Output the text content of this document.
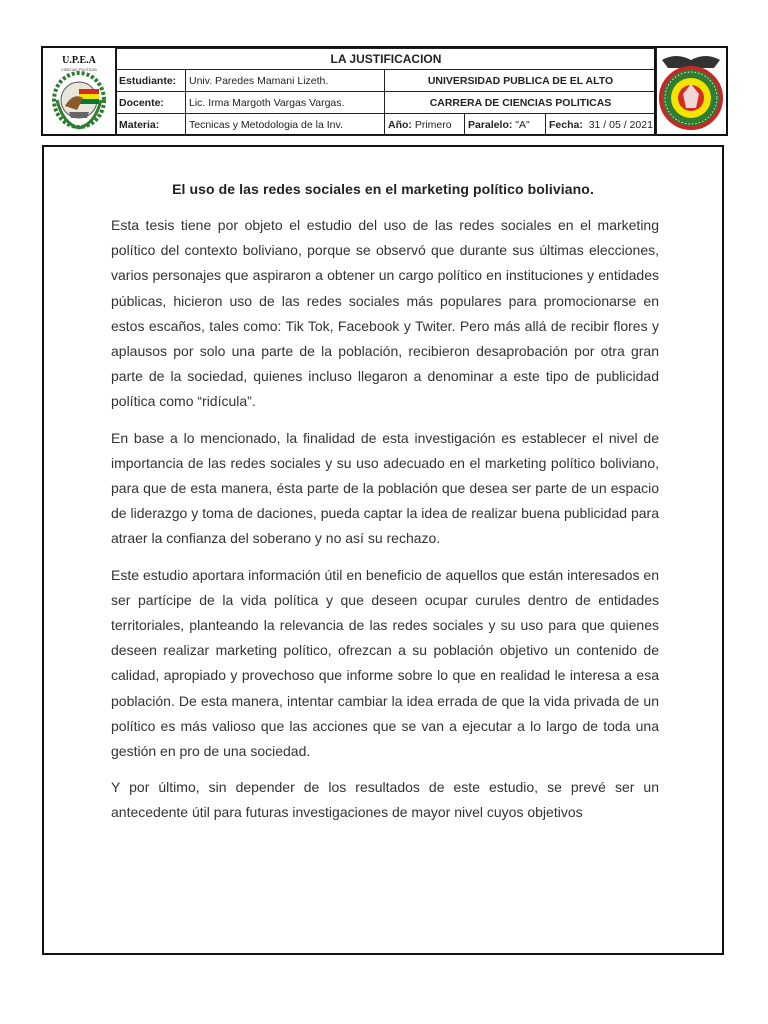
U.P.E.A
CIENCIAS POLITICAS
LA JUSTIFICACION				
Estudiante:	Univ. Paredes Mamani Lizeth.	UNIVERSIDAD PUBLICA DE EL ALTO		
Docente:	Lic. Irma Margoth Vargas Vargas.	CARRERA DE CIENCIAS POLITICAS		
Materia:	Tecnicas y Metodologia de la Inv.	Año: Primero	Paralelo: "A"	Fecha: 31 / 05 / 2021
El uso de las redes sociales en el marketing político boliviano.

Esta tesis tiene por objeto el estudio del uso de las redes sociales en el marketing político del contexto boliviano, porque se observó que durante sus últimas elecciones, varios personajes que aspiraron a obtener un cargo político en instituciones y entidades públicas, hicieron uso de las redes sociales más populares para promocionarse en estos escaños, tales como: Tik Tok, Facebook y Twiter. Pero más allá de recibir flores y aplausos por solo una parte de la población, recibieron desaprobación por otra gran parte de la sociedad, quienes incluso llegaron a denominar a este tipo de publicidad política como “ridícula”.

En base a lo mencionado, la finalidad de esta investigación es establecer el nivel de importancia de las redes sociales y su uso adecuado en el marketing político boliviano, para que de esta manera, ésta parte de la población que desea ser parte de un espacio de liderazgo y toma de daciones, pueda captar la idea de realizar buena publicidad para atraer la confianza del soberano y no así su rechazo.

Este estudio aportara información útil en beneficio de aquellos que están interesados en ser partícipe de la vida política y que deseen ocupar curules dentro de entidades territoriales, planteando la relevancia de las redes sociales y su uso para que quienes deseen realizar marketing político, ofrezcan a su población objetivo un contenido de calidad, apropiado y provechoso que informe sobre lo que en realidad le interesa a esa población. De esta manera, intentar cambiar la idea errada de que la vida privada de un político es más valioso que las acciones que se van a ejecutar a lo largo de toda una gestión en pro de una sociedad.

Y por último, sin depender de los resultados de este estudio, se prevé ser un antecedente útil para futuras investigaciones de mayor nivel cuyos objetivos
